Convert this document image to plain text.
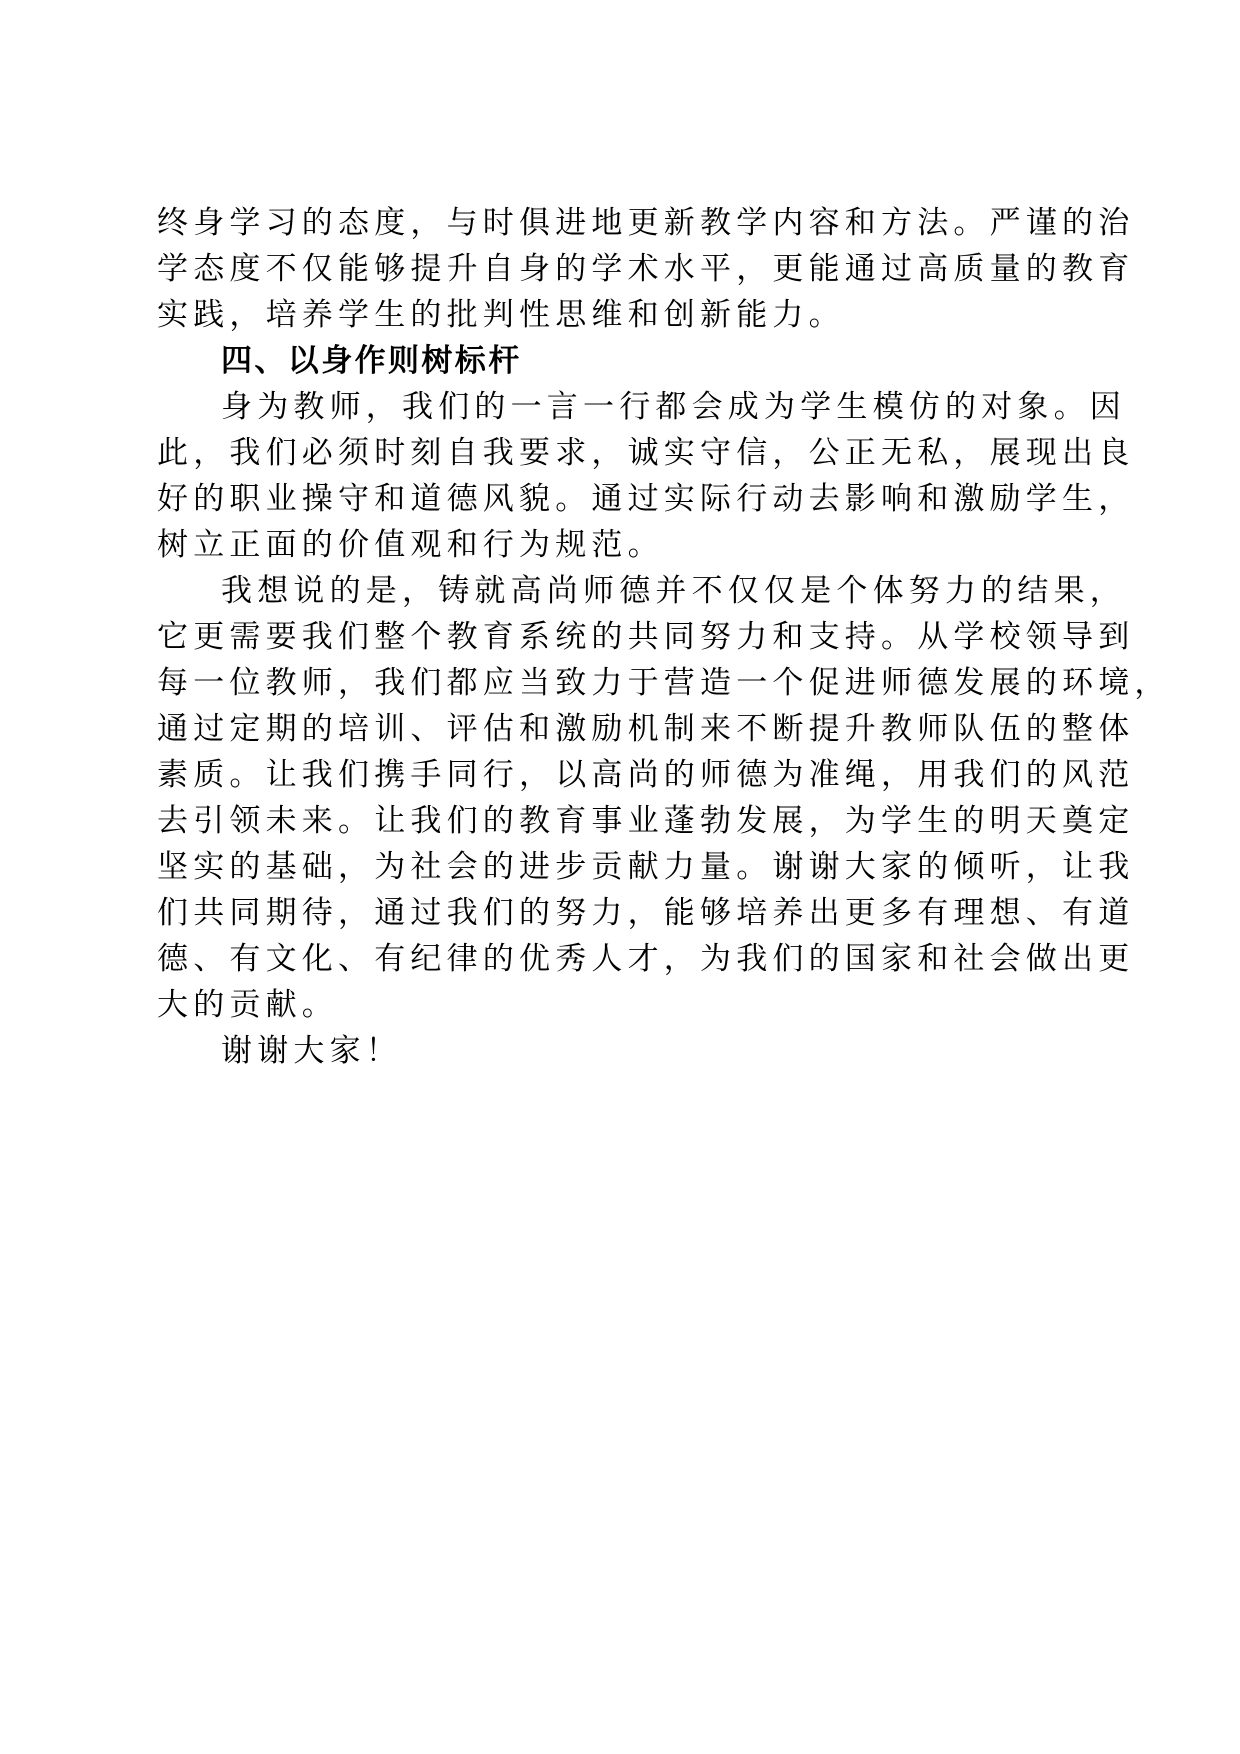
终身学习的态度，与时俱进地更新教学内容和方法。严谨的治
学态度不仅能够提升自身的学术水平，更能通过高质量的教育
实践，培养学生的批判性思维和创新能力。

四、以身作则树标杆

身为教师，我们的一言一行都会成为学生模仿的对象。因
此，我们必须时刻自我要求，诚实守信，公正无私，展现出良
好的职业操守和道德风貌。通过实际行动去影响和激励学生，
树立正面的价值观和行为规范。

我想说的是，铸就高尚师德并不仅仅是个体努力的结果，
它更需要我们整个教育系统的共同努力和支持。从学校领导到
每一位教师，我们都应当致力于营造一个促进师德发展的环境，
通过定期的培训、评估和激励机制来不断提升教师队伍的整体
素质。让我们携手同行，以高尚的师德为准绳，用我们的风范
去引领未来。让我们的教育事业蓬勃发展，为学生的明天奠定
坚实的基础，为社会的进步贡献力量。谢谢大家的倾听，让我
们共同期待，通过我们的努力，能够培养出更多有理想、有道
德、有文化、有纪律的优秀人才，为我们的国家和社会做出更
大的贡献。

谢谢大家！
